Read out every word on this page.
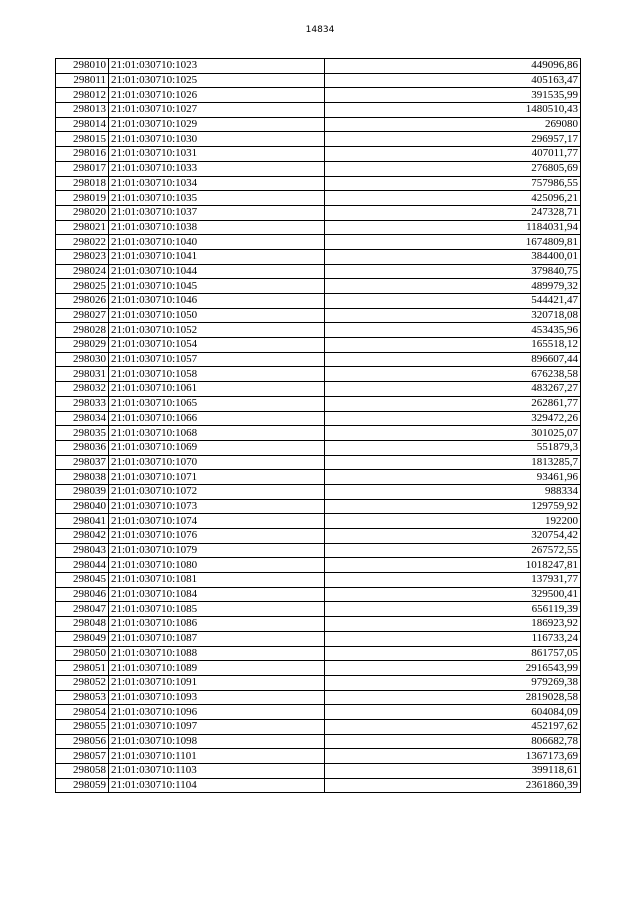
14834
298010	21:01:030710:1023	449096,86
298011	21:01:030710:1025	405163,47
298012	21:01:030710:1026	391535,99
298013	21:01:030710:1027	1480510,43
298014	21:01:030710:1029	269080
298015	21:01:030710:1030	296957,17
298016	21:01:030710:1031	407011,77
298017	21:01:030710:1033	276805,69
298018	21:01:030710:1034	757986,55
298019	21:01:030710:1035	425096,21
298020	21:01:030710:1037	247328,71
298021	21:01:030710:1038	1184031,94
298022	21:01:030710:1040	1674809,81
298023	21:01:030710:1041	384400,01
298024	21:01:030710:1044	379840,75
298025	21:01:030710:1045	489979,32
298026	21:01:030710:1046	544421,47
298027	21:01:030710:1050	320718,08
298028	21:01:030710:1052	453435,96
298029	21:01:030710:1054	165518,12
298030	21:01:030710:1057	896607,44
298031	21:01:030710:1058	676238,58
298032	21:01:030710:1061	483267,27
298033	21:01:030710:1065	262861,77
298034	21:01:030710:1066	329472,26
298035	21:01:030710:1068	301025,07
298036	21:01:030710:1069	551879,3
298037	21:01:030710:1070	1813285,7
298038	21:01:030710:1071	93461,96
298039	21:01:030710:1072	988334
298040	21:01:030710:1073	129759,92
298041	21:01:030710:1074	192200
298042	21:01:030710:1076	320754,42
298043	21:01:030710:1079	267572,55
298044	21:01:030710:1080	1018247,81
298045	21:01:030710:1081	137931,77
298046	21:01:030710:1084	329500,41
298047	21:01:030710:1085	656119,39
298048	21:01:030710:1086	186923,92
298049	21:01:030710:1087	116733,24
298050	21:01:030710:1088	861757,05
298051	21:01:030710:1089	2916543,99
298052	21:01:030710:1091	979269,38
298053	21:01:030710:1093	2819028,58
298054	21:01:030710:1096	604084,09
298055	21:01:030710:1097	452197,62
298056	21:01:030710:1098	806682,78
298057	21:01:030710:1101	1367173,69
298058	21:01:030710:1103	399118,61
298059	21:01:030710:1104	2361860,39
